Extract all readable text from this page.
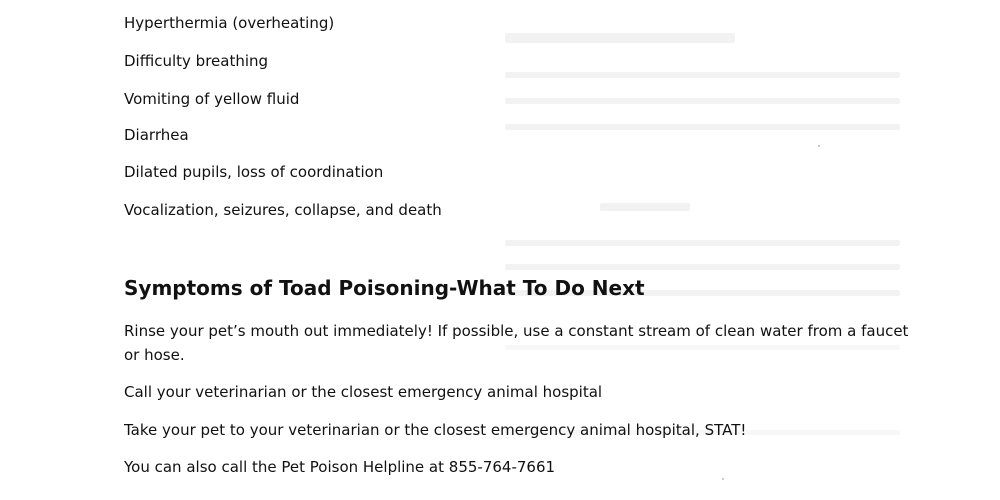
Hyperthermia (overheating)
Difficulty breathing
Vomiting of yellow fluid
Diarrhea
Dilated pupils, loss of coordination
Vocalization, seizures, collapse, and death
Symptoms of Toad Poisoning-What To Do Next
Rinse your pet’s mouth out immediately! If possible, use a constant stream of clean water from a faucet or hose.
Call your veterinarian or the closest emergency animal hospital
Take your pet to your veterinarian or the closest emergency animal hospital, STAT!
You can also call the Pet Poison Helpline at 855-764-7661
